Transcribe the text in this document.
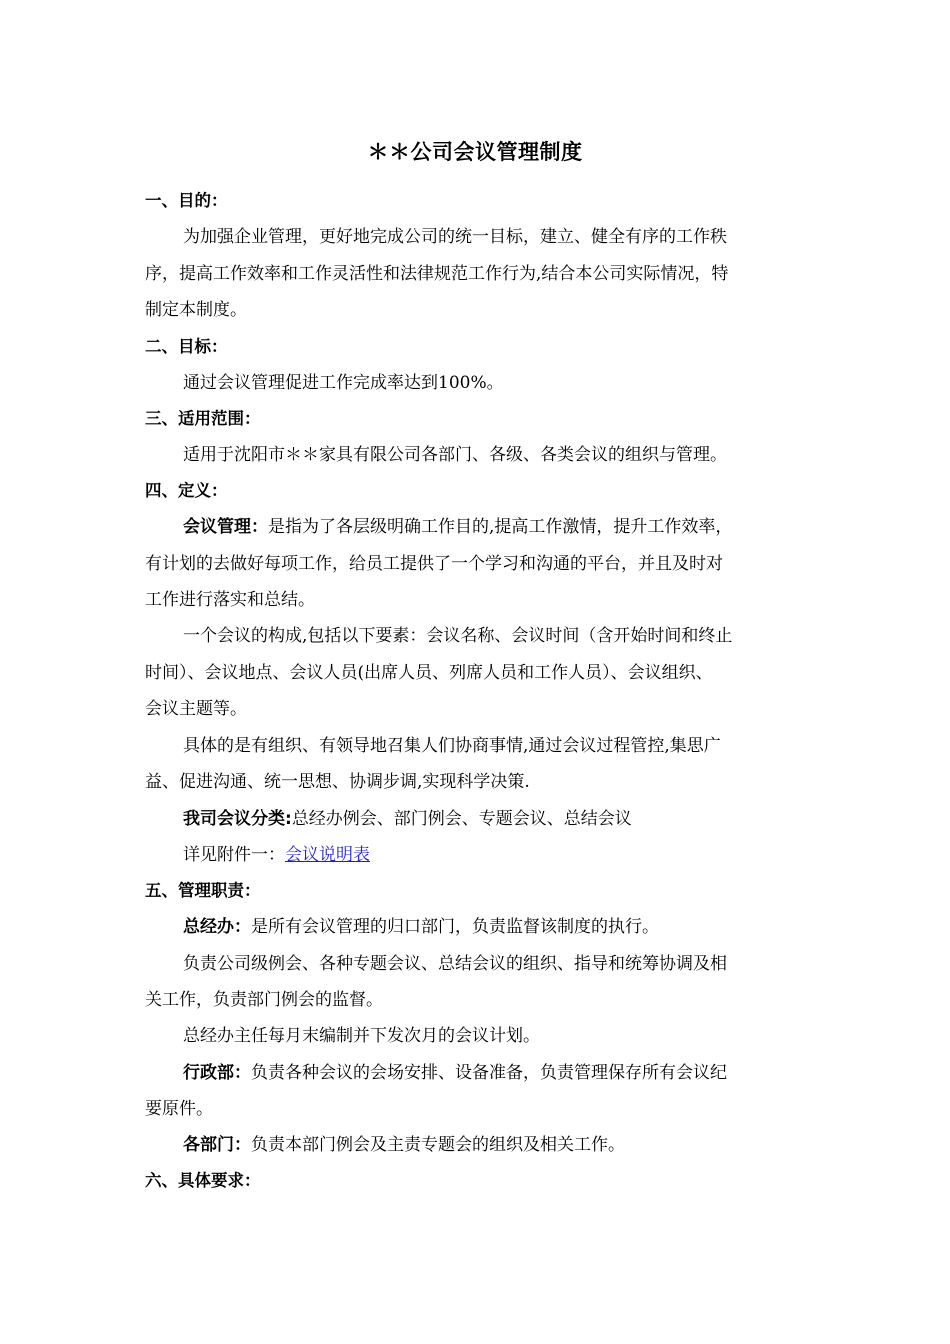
＊＊公司会议管理制度
一、目的：
为加强企业管理，更好地完成公司的统一目标，建立、健全有序的工作秩
序，提高工作效率和工作灵活性和法律规范工作行为,结合本公司实际情况，特
制定本制度。
二、目标：
通过会议管理促进工作完成率达到100%。
三、适用范围：
适用于沈阳市＊＊家具有限公司各部门、各级、各类会议的组织与管理。
四、定义：
会议管理：是指为了各层级明确工作目的,提高工作激情，提升工作效率，
有计划的去做好每项工作，给员工提供了一个学习和沟通的平台，并且及时对
工作进行落实和总结。
一个会议的构成,包括以下要素：会议名称、会议时间（含开始时间和终止
时间）、会议地点、会议人员(出席人员、列席人员和工作人员）、会议组织、
会议主题等。
具体的是有组织、有领导地召集人们协商事情,通过会议过程管控,集思广
益、促进沟通、统一思想、协调步调,实现科学决策.
我司会议分类:总经办例会、部门例会、专题会议、总结会议
详见附件一：会议说明表
五、管理职责：
总经办：是所有会议管理的归口部门，负责监督该制度的执行。
负责公司级例会、各种专题会议、总结会议的组织、指导和统筹协调及相
关工作，负责部门例会的监督。
总经办主任每月末编制并下发次月的会议计划。
行政部：负责各种会议的会场安排、设备准备，负责管理保存所有会议纪
要原件。
各部门：负责本部门例会及主责专题会的组织及相关工作。
六、具体要求：
